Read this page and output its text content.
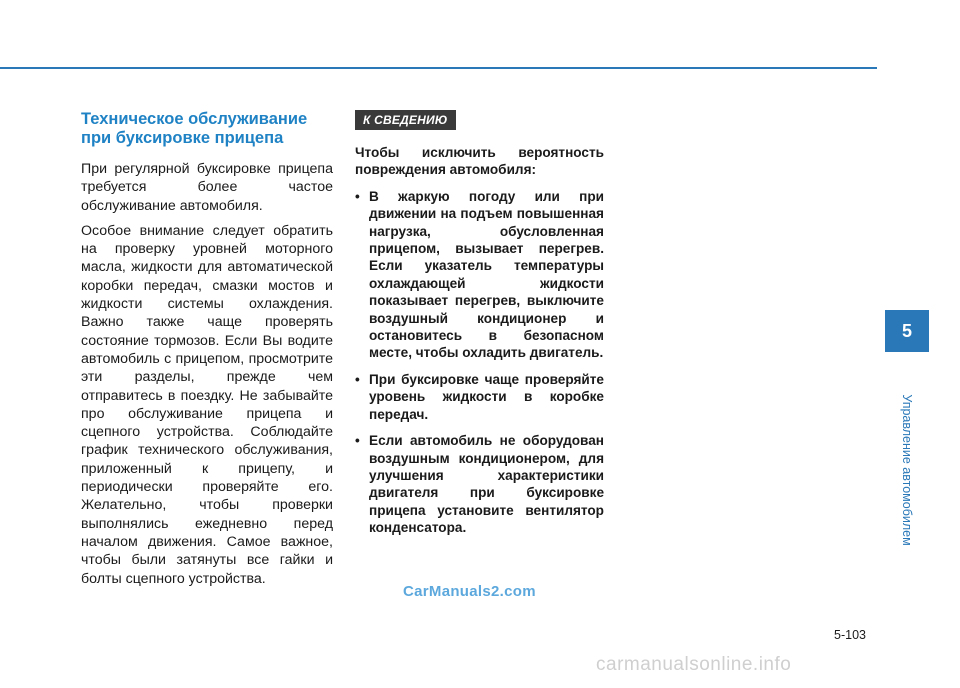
Техническое обслуживание
при буксировке прицепа

При регулярной буксировке прицепа требуется более частое обслуживание автомобиля.

Особое внимание следует обратить на проверку уровней моторного масла, жидкости для автоматической коробки передач, смазки мостов и жидкости системы охлаждения. Важно также чаще проверять состояние тормозов. Если Вы водите автомобиль с прицепом, просмотрите эти разделы, прежде чем отправитесь в поездку. Не забывайте про обслуживание прицепа и сцепного устройства. Соблюдайте график технического обслуживания, приложенный к прицепу, и периодически проверяйте его. Желательно, чтобы проверки выполнялись ежедневно перед началом движения. Самое важное, чтобы были затянуты все гайки и болты сцепного устройства.

К СВЕДЕНИЮ

Чтобы исключить вероятность повреждения автомобиля:

• В жаркую погоду или при движении на подъем повышенная нагрузка, обусловленная прицепом, вызывает перегрев. Если указатель температуры охлаждающей жидкости показывает перегрев, выключите воздушный кондиционер и остановитесь в безопасном месте, чтобы охладить двигатель.
• При буксировке чаще проверяйте уровень жидкости в коробке передач.
• Если автомобиль не оборудован воздушным кондиционером, для улучшения характеристики двигателя при буксировке прицепа установите вентилятор конденсатора.
5
Управление автомобилем
CarManuals2.com
5-103
carmanualsonline.info
